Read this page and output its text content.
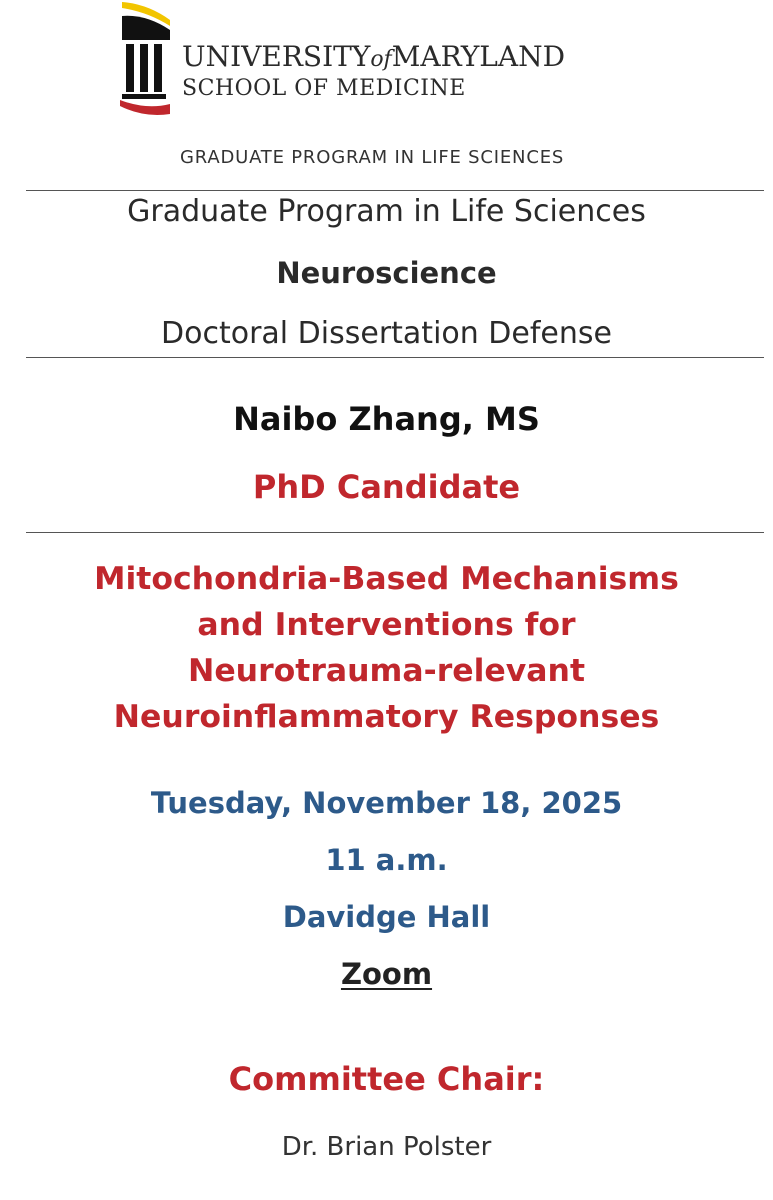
UNIVERSITYofMARYLAND
SCHOOL OF MEDICINE
GRADUATE PROGRAM IN LIFE SCIENCES
Graduate Program in Life Sciences
Neuroscience
Doctoral Dissertation Defense
Naibo Zhang, MS
PhD Candidate
Mitochondria-Based Mechanisms
and Interventions for
Neurotrauma-relevant
Neuroinflammatory Responses
Tuesday, November 18, 2025
11 a.m.
Davidge Hall
Zoom
Committee Chair:
Dr. Brian Polster
